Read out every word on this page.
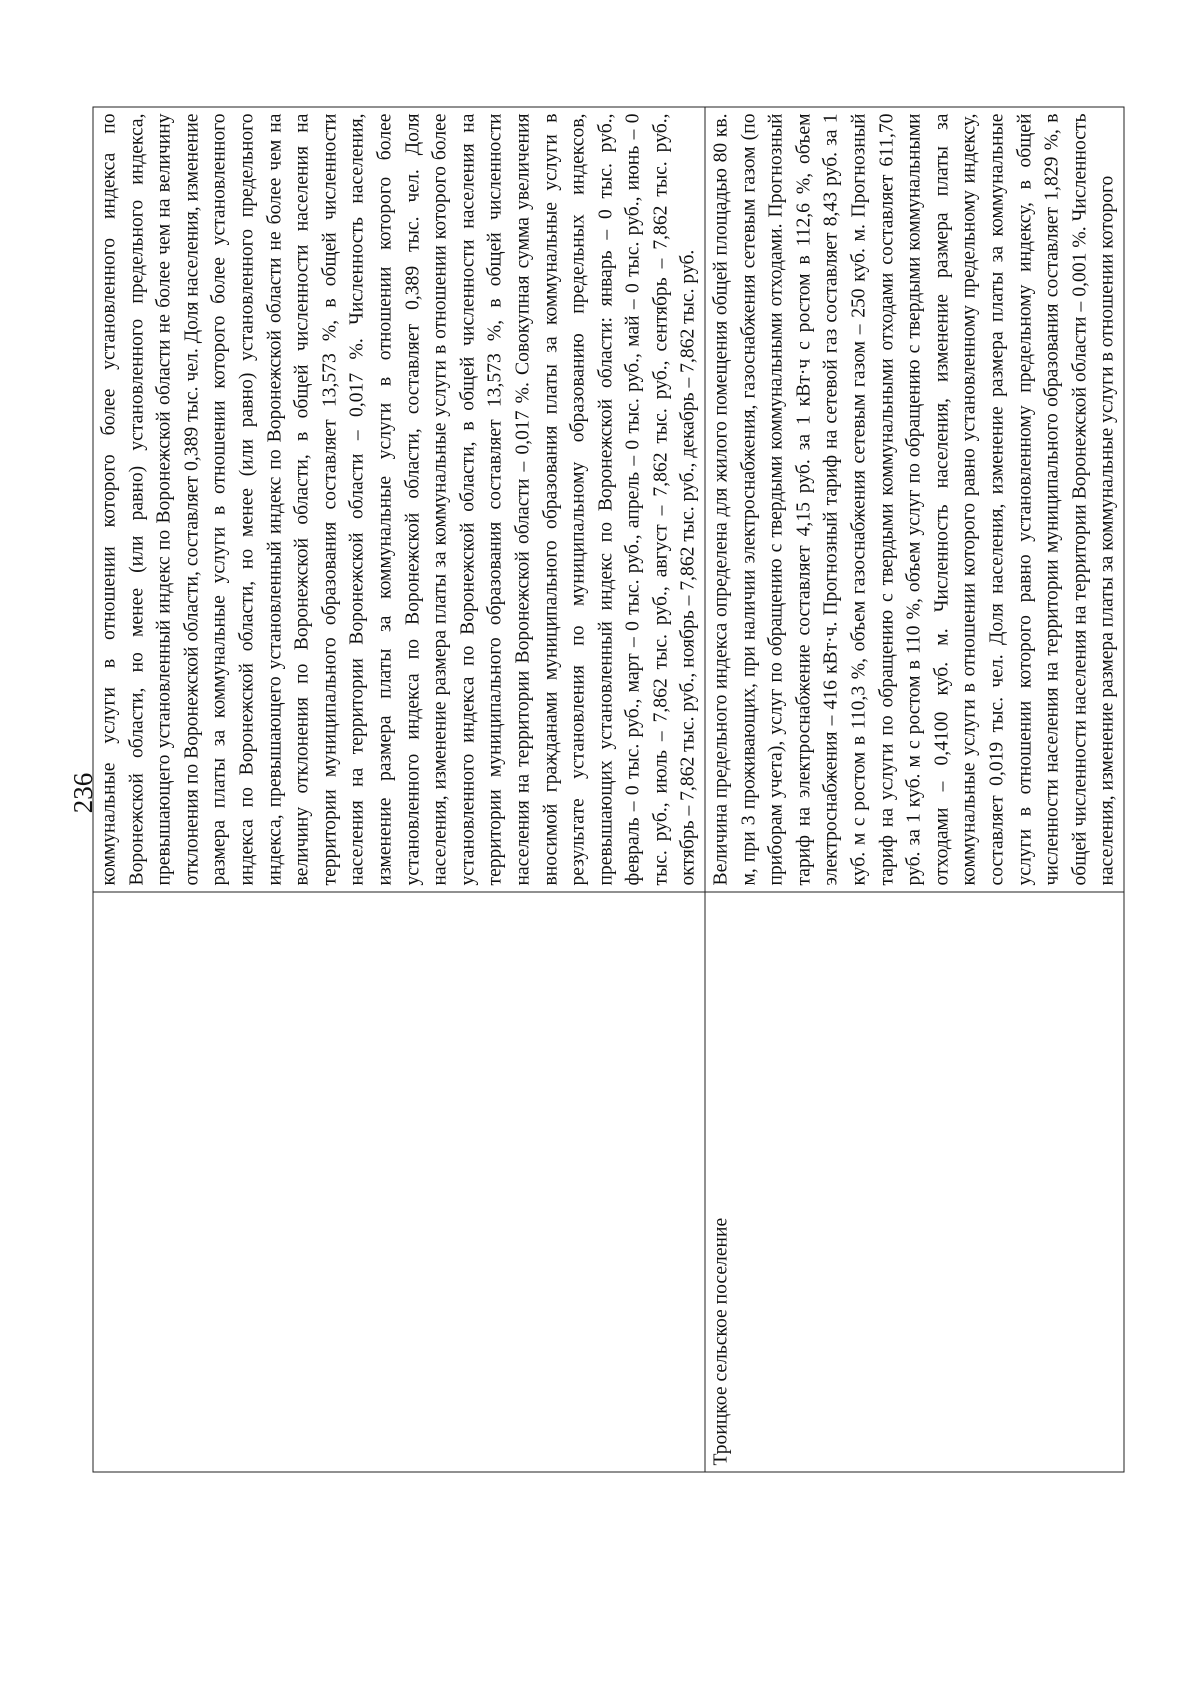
236

	коммунальные услуги в отношении которого более установленного индекса по Воронежской области, но менее (или равно) установленного предельного индекса, превышающего установленный индекс по Воронежской области не более чем на величину отклонения по Воронежской области, составляет 0,389 тыс. чел. Доля населения, изменение размера платы за коммунальные услуги в отношении которого более установленного индекса по Воронежской области, но менее (или равно) установленного предельного индекса, превышающего установленный индекс по Воронежской области не более чем на величину отклонения по Воронежской области, в общей численности населения на территории муниципального образования составляет 13,573 %, в общей численности населения на территории Воронежской области – 0,017 %. Численность населения, изменение размера платы за коммунальные услуги в отношении которого более установленного индекса по Воронежской области, составляет 0,389 тыс. чел. Доля населения, изменение размера платы за коммунальные услуги в отношении которого более установленного индекса по Воронежской области, в общей численности населения на территории муниципального образования составляет 13,573 %, в общей численности населения на территории Воронежской области – 0,017 %. Совокупная сумма увеличения вносимой гражданами муниципального образования платы за коммунальные услуги в результате установления по муниципальному образованию предельных индексов, превышающих установленный индекс по Воронежской области: январь – 0 тыс. руб., февраль – 0 тыс. руб., март – 0 тыс. руб., апрель – 0 тыс. руб., май – 0 тыс. руб., июнь – 0 тыс. руб., июль – 7,862 тыс. руб., август – 7,862 тыс. руб., сентябрь – 7,862 тыс. руб., октябрь – 7,862 тыс. руб., ноябрь – 7,862 тыс. руб., декабрь – 7,862 тыс. руб.

Троицкое сельское поселение	Величина предельного индекса определена для жилого помещения общей площадью 80 кв. м, при 3 проживающих, при наличии электроснабжения, газоснабжения сетевым газом (по приборам учета), услуг по обращению с твердыми коммунальными отходами. Прогнозный тариф на электроснабжение составляет 4,15 руб. за 1 кВт·ч с ростом в 112,6 %, объем электроснабжения – 416 кВт·ч. Прогнозный тариф на сетевой газ составляет 8,43 руб. за 1 куб. м с ростом в 110,3 %, объем газоснабжения сетевым газом – 250 куб. м. Прогнозный тариф на услуги по обращению с твердыми коммунальными отходами составляет 611,70 руб. за 1 куб. м с ростом в 110 %, объем услуг по обращению с твердыми коммунальными отходами – 0,4100 куб. м. Численность населения, изменение размера платы за коммунальные услуги в отношении которого равно установленному предельному индексу, составляет 0,019 тыс. чел. Доля населения, изменение размера платы за коммунальные услуги в отношении которого равно установленному предельному индексу, в общей численности населения на территории муниципального образования составляет 1,829 %, в общей численности населения на территории Воронежской области – 0,001 %. Численность населения, изменение размера платы за коммунальные услуги в отношении которого
